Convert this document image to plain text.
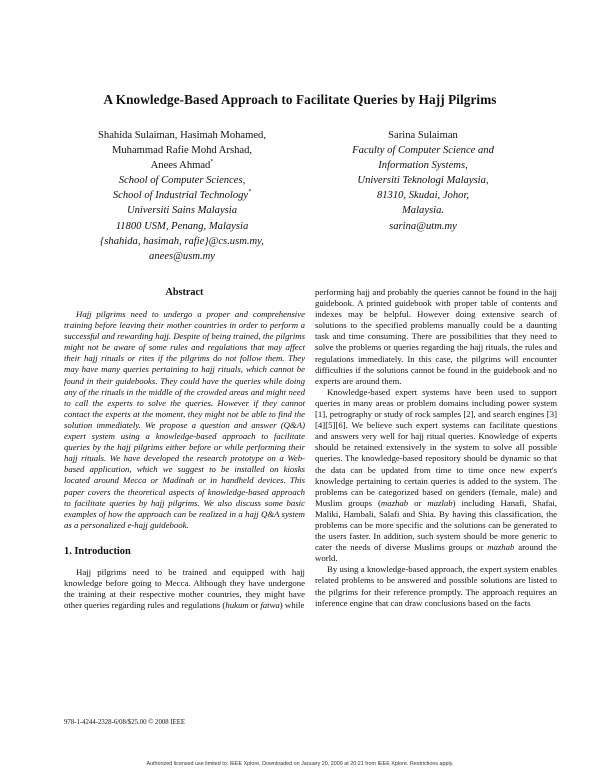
A Knowledge-Based Approach to Facilitate Queries by Hajj Pilgrims
Shahida Sulaiman, Hasimah Mohamed,
Muhammad Rafie Mohd Arshad,
Anees Ahmad*
School of Computer Sciences,
School of Industrial Technology*
Universiti Sains Malaysia
11800 USM, Penang, Malaysia
{shahida, hasimah, rafie}@cs.usm.my,
anees@usm.my
Sarina Sulaiman
Faculty of Computer Science and
Information Systems,
Universiti Teknologi Malaysia,
81310, Skudai, Johor,
Malaysia.
sarina@utm.my

Abstract

Hajj pilgrims need to undergo a proper and comprehensive training before leaving their mother countries in order to perform a successful and rewarding hajj. Despite of being trained, the pilgrims might not be aware of some rules and regulations that may affect their hajj rituals or rites if the pilgrims do not follow them. They may have many queries pertaining to hajj rituals, which cannot be found in their guidebooks. They could have the queries while doing any of the rituals in the middle of the crowded areas and might need to call the experts to solve the queries. However if they cannot contact the experts at the moment, they might not be able to find the solution immediately. We propose a question and answer (Q&A) expert system using a knowledge-based approach to facilitate queries by the hajj pilgrims either before or while performing their hajj rituals. We have developed the research prototype on a Web-based application, which we suggest to be installed on kiosks located around Mecca or Madinah or in handheld devices. This paper covers the theoretical aspects of knowledge-based approach to facilitate queries by hajj pilgrims. We also discuss some basic examples of how the approach can be realized in a hajj Q&A system as a personalized e-hajj guidebook.

1. Introduction

Hajj pilgrims need to be trained and equipped with hajj knowledge before going to Mecca. Although they have undergone the training at their respective mother countries, they might have other queries regarding rules and regulations (hukum or fatwa) while

performing hajj and probably the queries cannot be found in the hajj guidebook. A printed guidebook with proper table of contents and indexes may be helpful. However doing extensive search of solutions to the specified problems manually could be a daunting task and time consuming. There are possibilities that they need to solve the problems or queries regarding the hajj rituals, the rules and regulations immediately. In this case, the pilgrims will encounter difficulties if the solutions cannot be found in the guidebook and no experts are around them.

Knowledge-based expert systems have been used to support queries in many areas or problem domains including power system [1], petrography or study of rock samples [2], and search engines [3][4][5][6]. We believe such expert systems can facilitate questions and answers very well for hajj ritual queries. Knowledge of experts should be retained extensively in the system to solve all possible queries. The knowledge-based repository should be dynamic so that the data can be updated from time to time once new expert's knowledge pertaining to certain queries is added to the system. The problems can be categorized based on genders (female, male) and Muslim groups (mazhab or mazlab) including Hanafi, Shafai, Maliki, Hambali, Salafi and Shia. By having this classification, the problems can be more specific and the solutions can be generated to the users faster. In addition, such system should be more generic to cater the needs of diverse Muslims groups or mazhab around the world.

By using a knowledge-based approach, the expert system enables related problems to be answered and possible solutions are listed to the pilgrims for their reference promptly. The approach requires an inference engine that can draw conclusions based on the facts

978-1-4244-2328-6/08/$25.00 © 2008 IEEE
Authorized licensed use limited to: IEEE Xplore. Downloaded on January 20, 2009 at 20:21 from IEEE Xplore. Restrictions apply.
